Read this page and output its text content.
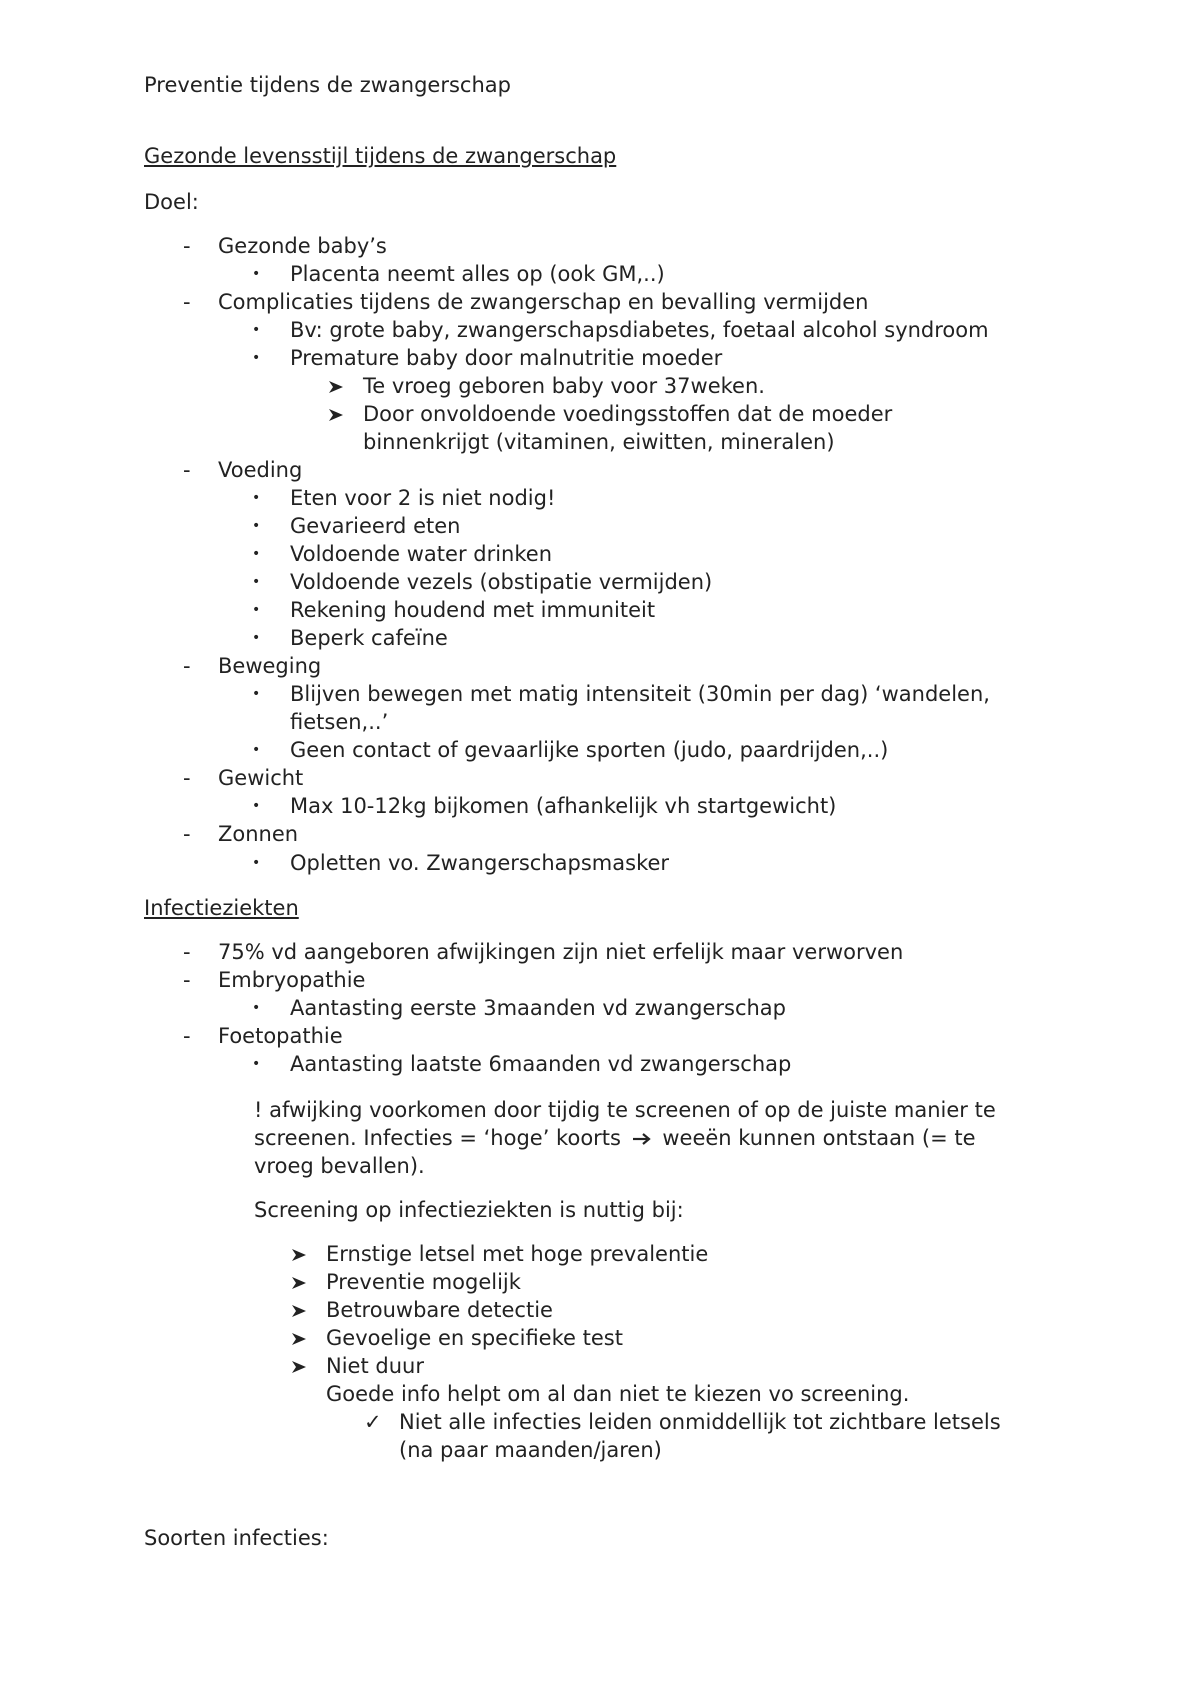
Preventie tijdens de zwangerschap
Gezonde levensstijl tijdens de zwangerschap
Doel:
- Gezonde baby’s
• Placenta neemt alles op (ook GM,..)
- Complicaties tijdens de zwangerschap en bevalling vermijden
• Bv: grote baby, zwangerschapsdiabetes, foetaal alcohol syndroom
• Premature baby door malnutritie moeder
Te vroeg geboren baby voor 37weken.
Door onvoldoende voedingsstoffen dat de moeder
binnenkrijgt (vitaminen, eiwitten, mineralen)
- Voeding
• Eten voor 2 is niet nodig!
• Gevarieerd eten
• Voldoende water drinken
• Voldoende vezels (obstipatie vermijden)
• Rekening houdend met immuniteit
• Beperk cafeïne
- Beweging
• Blijven bewegen met matig intensiteit (30min per dag) ‘wandelen,
fietsen,..’
• Geen contact of gevaarlijke sporten (judo, paardrijden,..)
- Gewicht
• Max 10-12kg bijkomen (afhankelijk vh startgewicht)
- Zonnen
• Opletten vo. Zwangerschapsmasker
Infectieziekten
- 75% vd aangeboren afwijkingen zijn niet erfelijk maar verworven
- Embryopathie
• Aantasting eerste 3maanden vd zwangerschap
- Foetopathie
• Aantasting laatste 6maanden vd zwangerschap
! afwijking voorkomen door tijdig te screenen of op de juiste manier te
screenen. Infecties = ‘hoge’ koorts weeën kunnen ontstaan (= te
vroeg bevallen).
Screening op infectieziekten is nuttig bij:
Ernstige letsel met hoge prevalentie
Preventie mogelijk
Betrouwbare detectie
Gevoelige en specifieke test
Niet duur
Goede info helpt om al dan niet te kiezen vo screening.
✓ Niet alle infecties leiden onmiddellijk tot zichtbare letsels
(na paar maanden/jaren)
Soorten infecties:
